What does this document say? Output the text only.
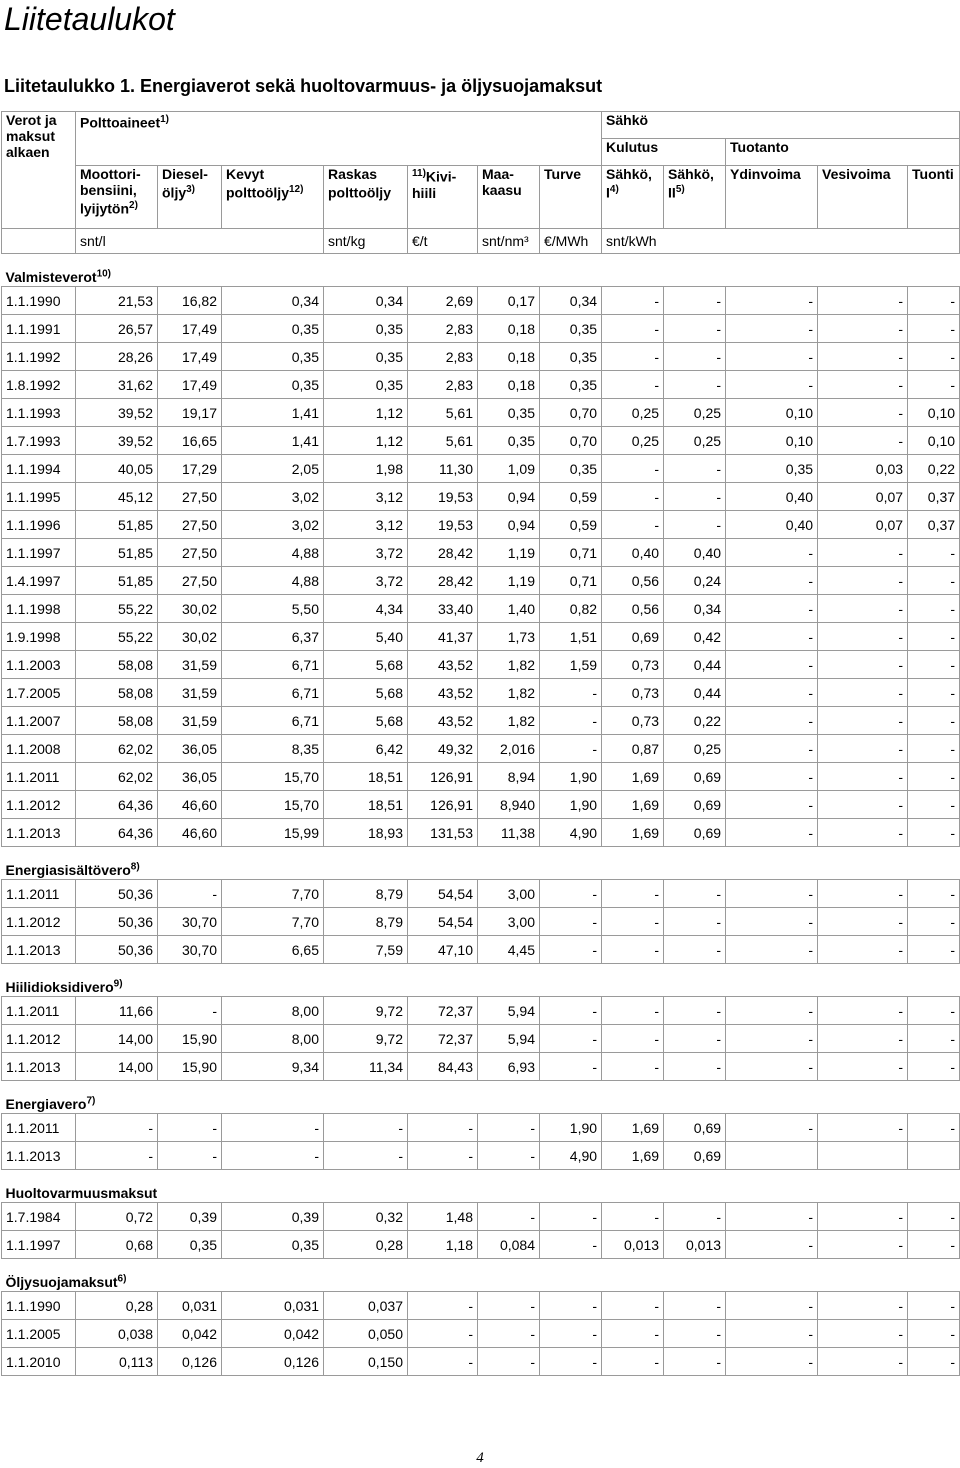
Liitetaulukot
Liitetaulukko 1. Energiaverot sekä huoltovarmuus- ja öljysuojamaksut
Verot ja maksut alkaen	Polttoaineet$^{1)}$							Sähkö				
								Kulutus		Tuotanto		
	Moottori- bensiini, lyijytön$^{2)}$	Diesel- öljy$^{3)}$	Kevyt polttoöljy$^{12)}$	Raskas polttoöljy	$^{11)}$Kivi- hiili	Maa- kaasu	Turve	Sähkö, $I^{4)}$	Sähkö, II$^{5)}$	Ydinvoima	Vesivoima	Tuonti
	snt/l			snt/kg	€/t	snt/nm³	€/MWh	snt/kWh				
Valmisteverot$^{10)}$
1.1.1990	21,53	16,82	0,34	0,34	2,69	0,17	0,34	-	-	-	-	-
1.1.1991	26,57	17,49	0,35	0,35	2,83	0,18	0,35	-	-	-	-	-
1.1.1992	28,26	17,49	0,35	0,35	2,83	0,18	0,35	-	-	-	-	-
1.8.1992	31,62	17,49	0,35	0,35	2,83	0,18	0,35	-	-	-	-	-
1.1.1993	39,52	19,17	1,41	1,12	5,61	0,35	0,70	0,25	0,25	0,10	-	0,10
1.7.1993	39,52	16,65	1,41	1,12	5,61	0,35	0,70	0,25	0,25	0,10	-	0,10
1.1.1994	40,05	17,29	2,05	1,98	11,30	1,09	0,35	-	-	0,35	0,03	0,22
1.1.1995	45,12	27,50	3,02	3,12	19,53	0,94	0,59	-	-	0,40	0,07	0,37
1.1.1996	51,85	27,50	3,02	3,12	19,53	0,94	0,59	-	-	0,40	0,07	0,37
1.1.1997	51,85	27,50	4,88	3,72	28,42	1,19	0,71	0,40	0,40	-	-	-
1.4.1997	51,85	27,50	4,88	3,72	28,42	1,19	0,71	0,56	0,24	-	-	-
1.1.1998	55,22	30,02	5,50	4,34	33,40	1,40	0,82	0,56	0,34	-	-	-
1.9.1998	55,22	30,02	6,37	5,40	41,37	1,73	1,51	0,69	0,42	-	-	-
1.1.2003	58,08	31,59	6,71	5,68	43,52	1,82	1,59	0,73	0,44	-	-	-
1.7.2005	58,08	31,59	6,71	5,68	43,52	1,82	-	0,73	0,44	-	-	-
1.1.2007	58,08	31,59	6,71	5,68	43,52	1,82	-	0,73	0,22	-	-	-
1.1.2008	62,02	36,05	8,35	6,42	49,32	2,016	-	0,87	0,25	-	-	-
1.1.2011	62,02	36,05	15,70	18,51	126,91	8,94	1,90	1,69	0,69	-	-	-
1.1.2012	64,36	46,60	15,70	18,51	126,91	8,940	1,90	1,69	0,69	-	-	-
1.1.2013	64,36	46,60	15,99	18,93	131,53	11,38	4,90	1,69	0,69	-	-	-
Energiasisältövero$^{8)}$
1.1.2011	50,36	-	7,70	8,79	54,54	3,00	-	-	-	-	-	-
1.1.2012	50,36	30,70	7,70	8,79	54,54	3,00	-	-	-	-	-	-
1.1.2013	50,36	30,70	6,65	7,59	47,10	4,45	-	-	-	-	-	-
Hiilidioksidivero$^{9)}$
1.1.2011	11,66	-	8,00	9,72	72,37	5,94	-	-	-	-	-	-
1.1.2012	14,00	15,90	8,00	9,72	72,37	5,94	-	-	-	-	-	-
1.1.2013	14,00	15,90	9,34	11,34	84,43	6,93	-	-	-	-	-	-
Energiavero$^{7)}$
1.1.2011	-	-	-	-	-	-	1,90	1,69	0,69	-	-	-
1.1.2013	-	-	-	-	-	-	4,90	1,69	0,69			
Huoltovarmuusmaksut												
1.7.1984	0,72	0,39	0,39	0,32	1,48	-	-	-	-	-	-	-
1.1.1997	0,68	0,35	0,35	0,28	1,18	0,084	-	0,013	0,013	-	-	-
Öljysuojamaksut$^{6)}$
1.1.1990	0,28	0,031	0,031	0,037	-	-	-	-	-	-	-	-
1.1.2005	0,038	0,042	0,042	0,050	-	-	-	-	-	-	-	-
1.1.2010	0,113	0,126	0,126	0,150	-	-	-	-	-	-	-	-
4
